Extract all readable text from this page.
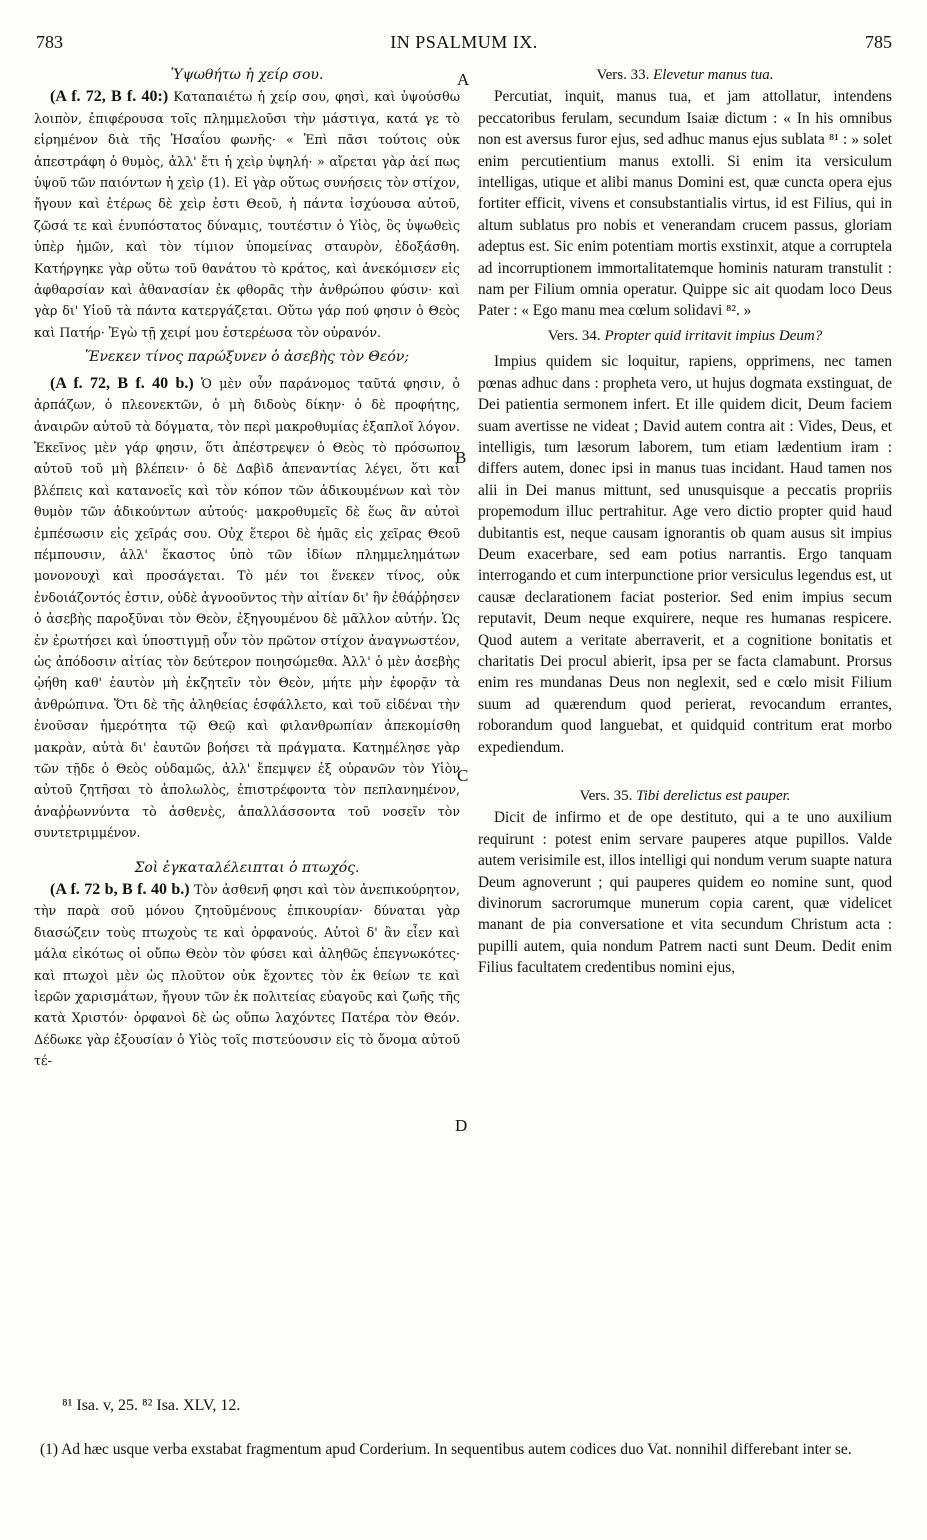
783	IN PSALMUM IX.	785

Ὑψωθήτω ἡ χείρ σου.

(A f. 72, B f. 40:) Καταπαιέτω ἡ χείρ σου, φησὶ, καὶ ὑψούσθω λοιπὸν, ἐπιφέρουσα τοῖς πλημμελοῦσι τὴν μάστιγα, κατά γε τὸ εἰρημένον διὰ τῆς Ἡσαΐου φωνῆς· « Ἐπὶ πᾶσι τούτοις οὐκ ἀπεστράφη ὁ θυμὸς, ἀλλ' ἔτι ἡ χεὶρ ὑψηλή· » αἴρεται γὰρ ἀεί πως ὑψοῦ τῶν παιόντων ἡ χεὶρ (1). Εἰ γὰρ οὕτως συνήσεις τὸν στίχον, ἤγουν καὶ ἑτέρως δὲ χεὶρ ἐστι Θεοῦ, ἡ πάντα ἰσχύουσα αὐτοῦ, ζῶσά τε καὶ ἐνυπόστατος δύναμις, τουτέστιν ὁ Υἱὸς, ὃς ὑψωθεὶς ὑπὲρ ἡμῶν, καὶ τὸν τίμιον ὑπομείνας σταυρὸν, ἐδοξάσθη. Κατήργηκε γὰρ οὕτω τοῦ θανάτου τὸ κράτος, καὶ ἀνεκόμισεν εἰς ἀφθαρσίαν καὶ ἀθανασίαν ἐκ φθορᾶς τὴν ἀνθρώπου φύσιν· καὶ γὰρ δι' Υἱοῦ τὰ πάντα κατεργάζεται. Οὕτω γάρ πού φησιν ὁ Θεὸς καὶ Πατήρ· Ἐγὼ τῇ χειρί μου ἐστερέωσα τὸν οὐρανόν.

Ἕνεκεν τίνος παρώξυνεν ὁ ἀσεβὴς τὸν Θεόν;

(A f. 72, B f. 40 b.) Ὁ μὲν οὖν παράνομος ταῦτά φησιν, ὁ ἁρπάζων, ὁ πλεονεκτῶν, ὁ μὴ διδοὺς δίκην· ὁ δὲ προφήτης, ἀναιρῶν αὐτοῦ τὰ δόγματα, τὸν περὶ μακροθυμίας ἐξαπλοῖ λόγον. Ἐκεῖνος μὲν γάρ φησιν, ὅτι ἀπέστρεψεν ὁ Θεὸς τὸ πρόσωπον αὐτοῦ τοῦ μὴ βλέπειν· ὁ δὲ Δαβὶδ ἀπεναντίας λέγει, ὅτι καὶ βλέπεις καὶ κατανοεῖς καὶ τὸν κόπον τῶν ἀδικουμένων καὶ τὸν θυμὸν τῶν ἀδικούντων αὐτούς· μακροθυμεῖς δὲ ἕως ἂν αὐτοὶ ἐμπέσωσιν εἰς χεῖράς σου. Οὐχ ἕτεροι δὲ ἡμᾶς εἰς χεῖρας Θεοῦ πέμπουσιν, ἀλλ' ἕκαστος ὑπὸ τῶν ἰδίων πλημμελημάτων μονονουχὶ καὶ προσάγεται. Τὸ μέν τοι ἕνεκεν τίνος, οὐκ ἐνδοιάζοντός ἐστιν, οὐδὲ ἀγνοοῦντος τὴν αἰτίαν δι' ἣν ἐθάῤῥησεν ὁ ἀσεβὴς παροξῦναι τὸν Θεὸν, ἐξηγουμένου δὲ μᾶλλον αὐτήν. Ὡς ἐν ἐρωτήσει καὶ ὑποστιγμῇ οὖν τὸν πρῶτον στίχον ἀναγνωστέον, ὡς ἀπόδοσιν αἰτίας τὸν δεύτερον ποιησώμεθα. Ἀλλ' ὁ μὲν ἀσεβὴς ᾠήθη καθ' ἑαυτὸν μὴ ἐκζητεῖν τὸν Θεὸν, μήτε μὴν ἐφορᾷν τὰ ἀνθρώπινα. Ὅτι δὲ τῆς ἀληθείας ἐσφάλλετο, καὶ τοῦ εἰδέναι τὴν ἐνοῦσαν ἡμερότητα τῷ Θεῷ καὶ φιλανθρωπίαν ἀπεκομίσθη μακρὰν, αὐτὰ δι' ἑαυτῶν βοήσει τὰ πράγματα. Κατημέλησε γὰρ τῶν τῇδε ὁ Θεὸς οὐδαμῶς, ἀλλ' ἔπεμψεν ἐξ οὐρανῶν τὸν Υἱὸν αὐτοῦ ζητῆσαι τὸ ἀπολωλὸς, ἐπιστρέφοντα τὸν πεπλανημένον, ἀναῤῥωννύντα τὸ ἀσθενὲς, ἀπαλλάσσοντα τοῦ νοσεῖν τὸν συντετριμμένον.

Σοὶ ἐγκαταλέλειπται ὁ πτωχός.

(A f. 72 b, B f. 40 b.) Τὸν ἀσθενῆ φησι καὶ τὸν ἀνεπικούρητον, τὴν παρὰ σοῦ μόνου ζητοῦμένους ἐπικουρίαν· δύναται γὰρ διασώζειν τοὺς πτωχοὺς τε καὶ ὀρφανούς. Αὐτοὶ δ' ἂν εἶεν καὶ μάλα εἰκότως οἱ οὔπω Θεὸν τὸν φύσει καὶ ἀληθῶς ἐπεγνωκότες· καὶ πτωχοὶ μὲν ὡς πλοῦτον οὐκ ἔχοντες τὸν ἐκ θείων τε καὶ ἱερῶν χαρισμάτων, ἤγουν τῶν ἐκ πολιτείας εὐαγοῦς καὶ ζωῆς τῆς κατὰ Χριστόν· ὀρφανοὶ δὲ ὡς οὔπω λαχόντες Πατέρα τὸν Θεόν. Δέδωκε γὰρ ἐξουσίαν ὁ Υἱὸς τοῖς πιστεύουσιν εἰς τὸ ὄνομα αὐτοῦ τέ-

A
B
C
D

Vers. 33. Elevetur manus tua.

Percutiat, inquit, manus tua, et jam attollatur, intendens peccatoribus ferulam, secundum Isaiæ dictum : « In his omnibus non est aversus furor ejus, sed adhuc manus ejus sublata ⁸¹ : » solet enim percutientium manus extolli. Si enim ita versiculum intelligas, utique et alibi manus Domini est, quæ cuncta opera ejus fortiter efficit, vivens et consubstantialis virtus, id est Filius, qui in altum sublatus pro nobis et venerandam crucem passus, gloriam adeptus est. Sic enim potentiam mortis exstinxit, atque a corruptela ad incorruptionem immortalitatemque hominis naturam transtulit : nam per Filium omnia operatur. Quippe sic ait quodam loco Deus Pater : « Ego manu mea cœlum solidavi ⁸². »

Vers. 34. Propter quid irritavit impius Deum?

Impius quidem sic loquitur, rapiens, opprimens, nec tamen pœnas adhuc dans : propheta vero, ut hujus dogmata exstinguat, de Dei patientia sermonem infert. Et ille quidem dicit, Deum faciem suam avertisse ne videat ; David autem contra ait : Vides, Deus, et intelligis, tum læsorum laborem, tum etiam lædentium iram : differs autem, donec ipsi in manus tuas incidant. Haud tamen nos alii in Dei manus mittunt, sed unusquisque a peccatis propriis propemodum illuc pertrahitur. Age vero dictio propter quid haud dubitantis est, neque causam ignorantis ob quam ausus sit impius Deum exacerbare, sed eam potius narrantis. Ergo tanquam interrogando et cum interpunctione prior versiculus legendus est, ut causæ declarationem faciat posterior. Sed enim impius secum reputavit, Deum neque exquirere, neque res humanas respicere. Quod autem a veritate aberraverit, et a cognitione bonitatis et charitatis Dei procul abierit, ipsa per se facta clamabunt. Prorsus enim res mundanas Deus non neglexit, sed e cœlo misit Filium suum ad quærendum quod perierat, revocandum errantes, roborandum quod languebat, et quidquid contritum erat morbo expediendum.

Vers. 35. Tibi derelictus est pauper.

Dicit de infirmo et de ope destituto, qui a te uno auxilium requirunt : potest enim servare pauperes atque pupillos. Valde autem verisimile est, illos intelligi qui nondum verum suapte natura Deum agnoverunt ; qui pauperes quidem eo nomine sunt, quod divinorum sacrorumque munerum copia carent, quæ videlicet manant de pia conversatione et vita secundum Christum acta : pupilli autem, quia nondum Patrem nacti sunt Deum. Dedit enim Filius facultatem credentibus nomini ejus,

⁸¹ Isa. v, 25. ⁸² Isa. XLV, 12.
(1) Ad hæc usque verba exstabat fragmentum apud Corderium. In sequentibus autem codices duo Vat. nonnihil differebant inter se.
